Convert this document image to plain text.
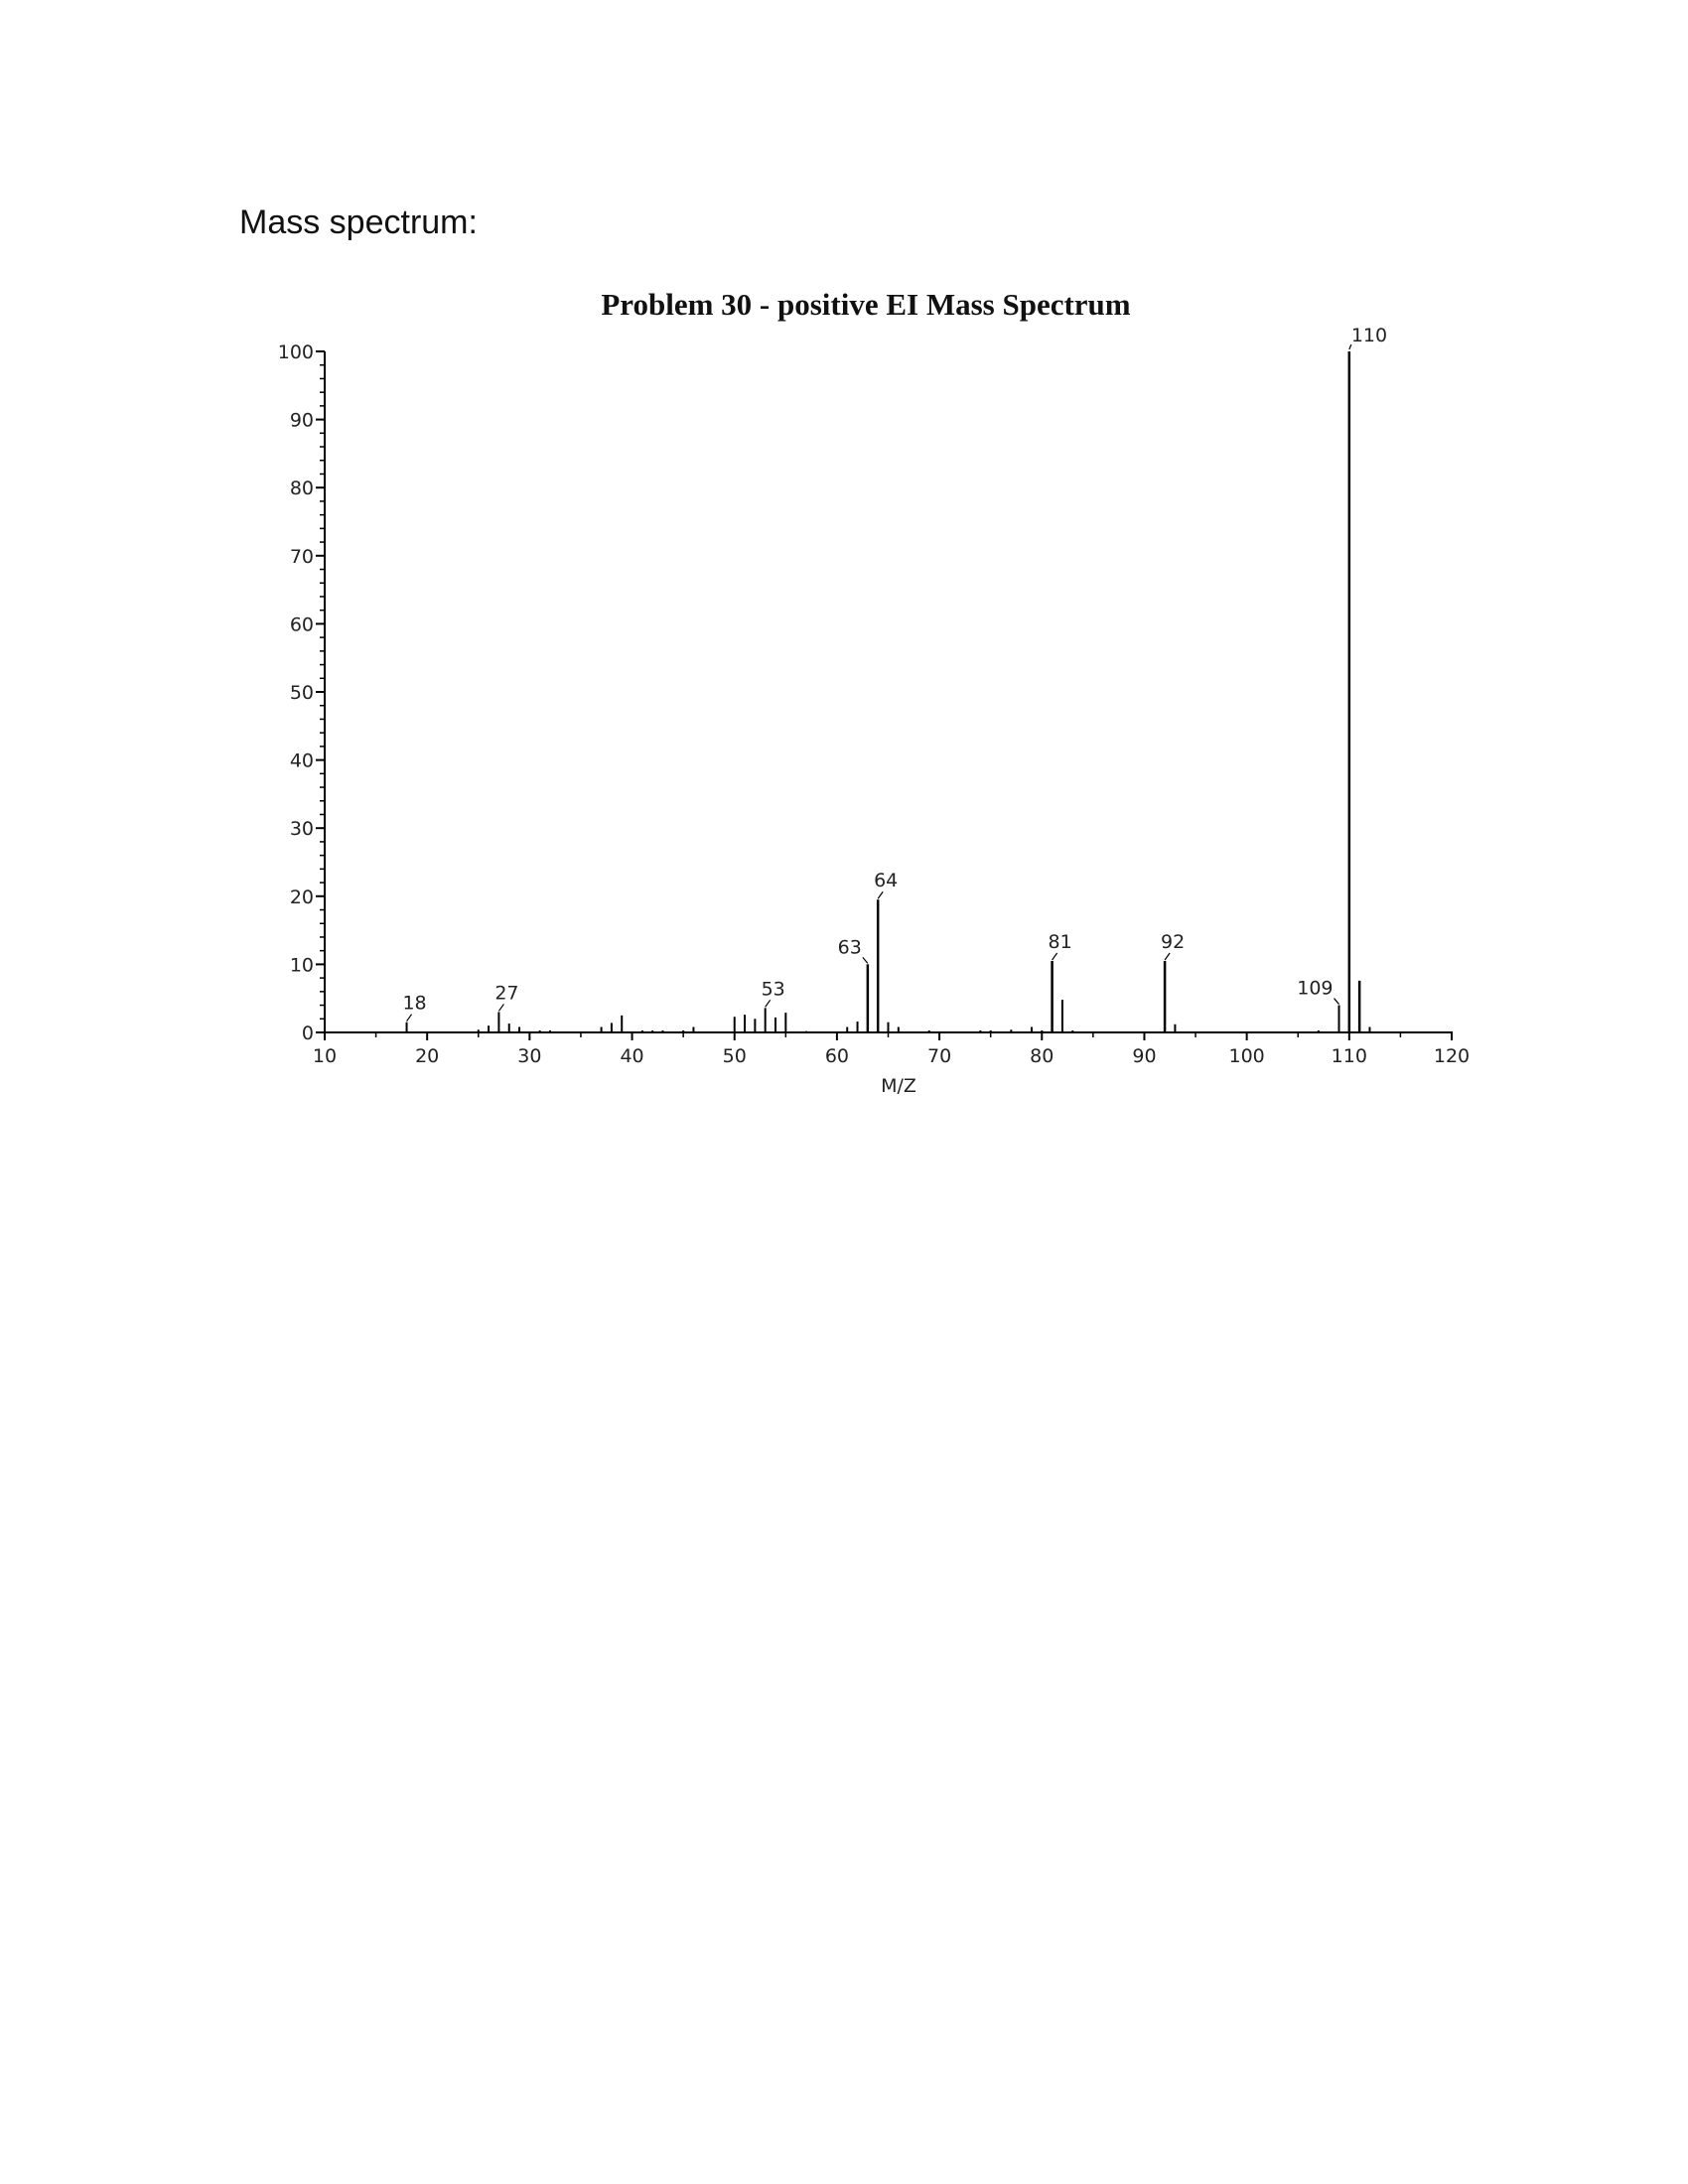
Mass spectrum:
Problem 30 - positive EI Mass Spectrum
0
10
20
30
40
50
60
70
80
90
100
10	20	30	40	50	60	70	80	90	100	110	120
18	27	53
63
64
81	92
109
110
M/Z
